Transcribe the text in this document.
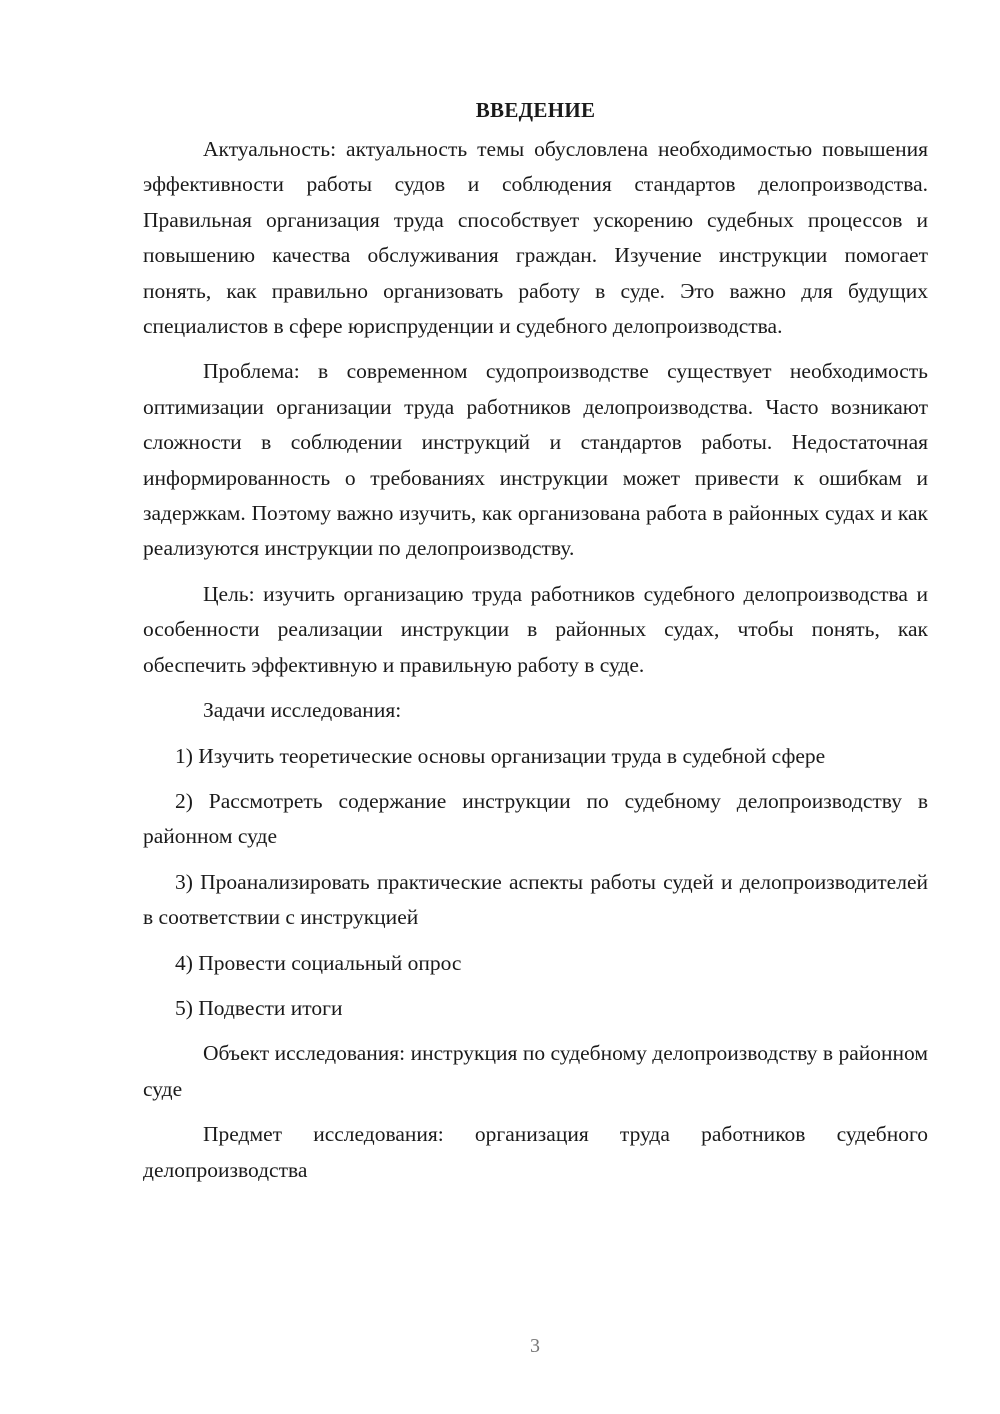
ВВЕДЕНИЕ

Актуальность: актуальность темы обусловлена необходимостью повышения эффективности работы судов и соблюдения стандартов делопроизводства. Правильная организация труда способствует ускорению судебных процессов и повышению качества обслуживания граждан. Изучение инструкции помогает понять, как правильно организовать работу в суде. Это важно для будущих специалистов в сфере юриспруденции и судебного делопроизводства.

Проблема: в современном судопроизводстве существует необходимость оптимизации организации труда работников делопроизводства. Часто возникают сложности в соблюдении инструкций и стандартов работы. Недостаточная информированность о требованиях инструкции может привести к ошибкам и задержкам. Поэтому важно изучить, как организована работа в районных судах и как реализуются инструкции по делопроизводству.

Цель: изучить организацию труда работников судебного делопроизводства и особенности реализации инструкции в районных судах, чтобы понять, как обеспечить эффективную и правильную работу в суде.

Задачи исследования:

1) Изучить теоретические основы организации труда в судебной сфере

2) Рассмотреть содержание инструкции по судебному делопроизводству в районном суде

3) Проанализировать практические аспекты работы судей и делопроизводителей в соответствии с инструкцией

4) Провести социальный опрос

5) Подвести итоги

Объект исследования: инструкция по судебному делопроизводству в районном суде

Предмет исследования: организация труда работников судебного делопроизводства

3
